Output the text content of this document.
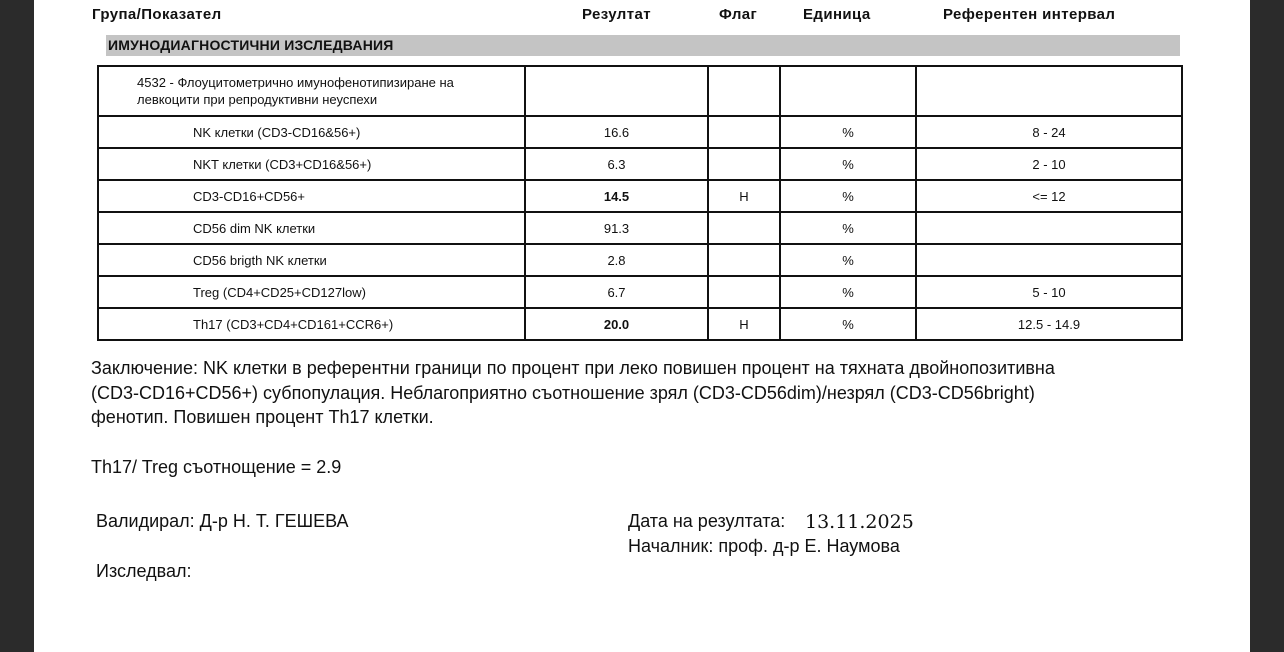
Група/Показател	Резултат	Флаг	Единица	Референтен интервал
ИМУНОДИАГНОСТИЧНИ ИЗСЛЕДВАНИЯ
4532 - Флоуцитометрично имунофенотипизиране на
левкоцити при репродуктивни неуспехи				

NK клетки (CD3-CD16&56+)	16.6		%	8 - 24
NKT клетки (CD3+CD16&56+)	6.3		%	2 - 10
CD3-CD16+CD56+	14.5	H	%	<= 12
CD56 dim NK клетки	91.3		%	
CD56 brigth NK клетки	2.8		%	
Treg (CD4+CD25+CD127low)	6.7		%	5 - 10
Th17 (CD3+CD4+CD161+CCR6+)	20.0	H	%	12.5 - 14.9
Заключение: NK клетки в референтни граници по процент при леко повишен процент на тяхната двойнопозитивна
(CD3-CD16+CD56+) субпопулация. Неблагоприятно съотношение зрял (CD3-CD56dim)/незрял (CD3-CD56bright)
фенотип. Повишен процент Th17 клетки.
Th17/ Treg съотнощение = 2.9
Валидирал: Д-р Н. Т. ГЕШЕВА	Дата на резултата: 13.11.2025
Началник: проф. д-р Е. Наумова
Изследвал:
